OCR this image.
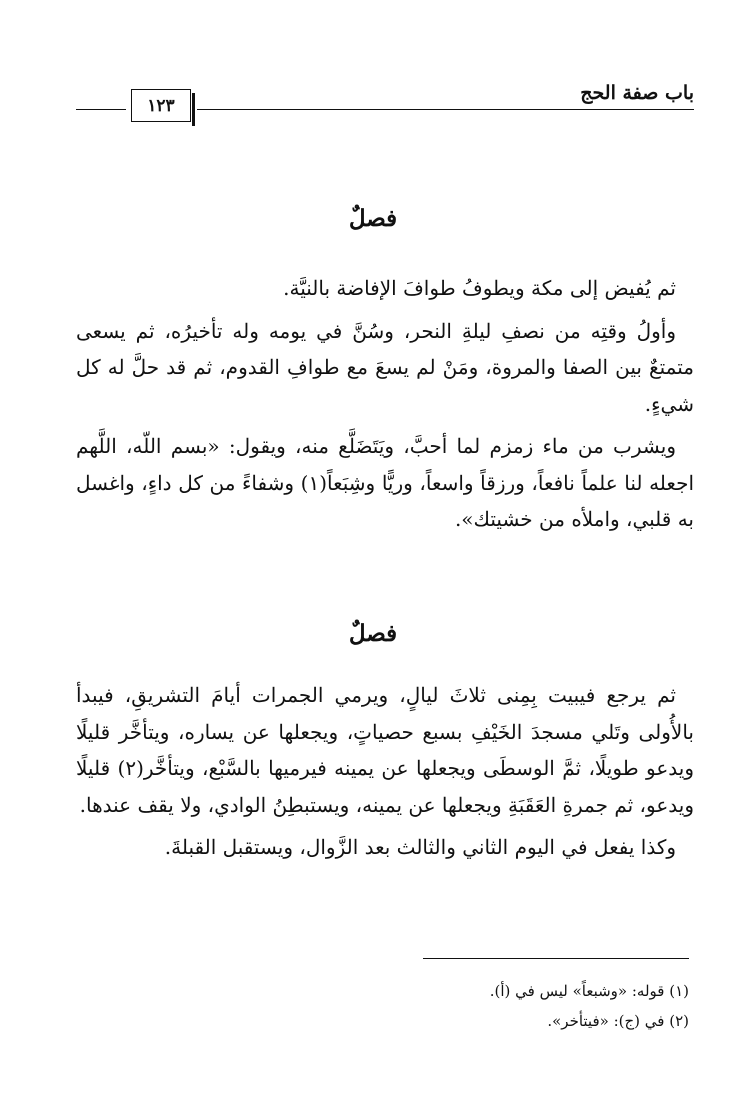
باب صفة الحج
١٢٣
فصلٌ

ثم يُفيض إلى مكة ويطوفُ طوافَ الإفاضة بالنيَّة.

وأولُ وقتِه من نصفِ ليلةِ النحر، وسُنَّ في يومه وله تأخيرُه، ثم يسعى متمتعٌ بين الصفا والمروة، ومَنْ لم يسعَ مع طوافِ القدوم، ثم قد حلَّ له كل شيءٍ.

ويشرب من ماء زمزم لما أحبَّ، ويَتَضَلَّع منه، ويقول: «بسم اللّه، اللَّهم اجعله لنا علماً نافعاً، ورزقاً واسعاً، وريًّا وشِبَعاً(١) وشفاءً من كل داءٍ، واغسل به قلبي، واملأه من خشيتك».

فصلٌ

ثم يرجع فيبيت بِمِنى ثلاثَ ليالٍ، ويرمي الجمرات أيامَ التشريقِ، فيبدأ بالأُولى وتَلي مسجدَ الخَيْفِ بسبع حصياتٍ، ويجعلها عن يساره، ويتأخَّر قليلًا ويدعو طويلًا، ثمَّ الوسطَى ويجعلها عن يمينه فيرميها بالسَّبْع، ويتأخَّر(٢) قليلًا ويدعو، ثم جمرةِ العَقَبَةِ ويجعلها عن يمينه، ويستبطِنُ الوادي، ولا يقف عندها.

وكذا يفعل في اليوم الثاني والثالث بعد الزَّوال، ويستقبل القبلةَ.

(١) قوله: «وشبعاً» ليس في (أ).

(٢) في (ج): «فيتأخر».
